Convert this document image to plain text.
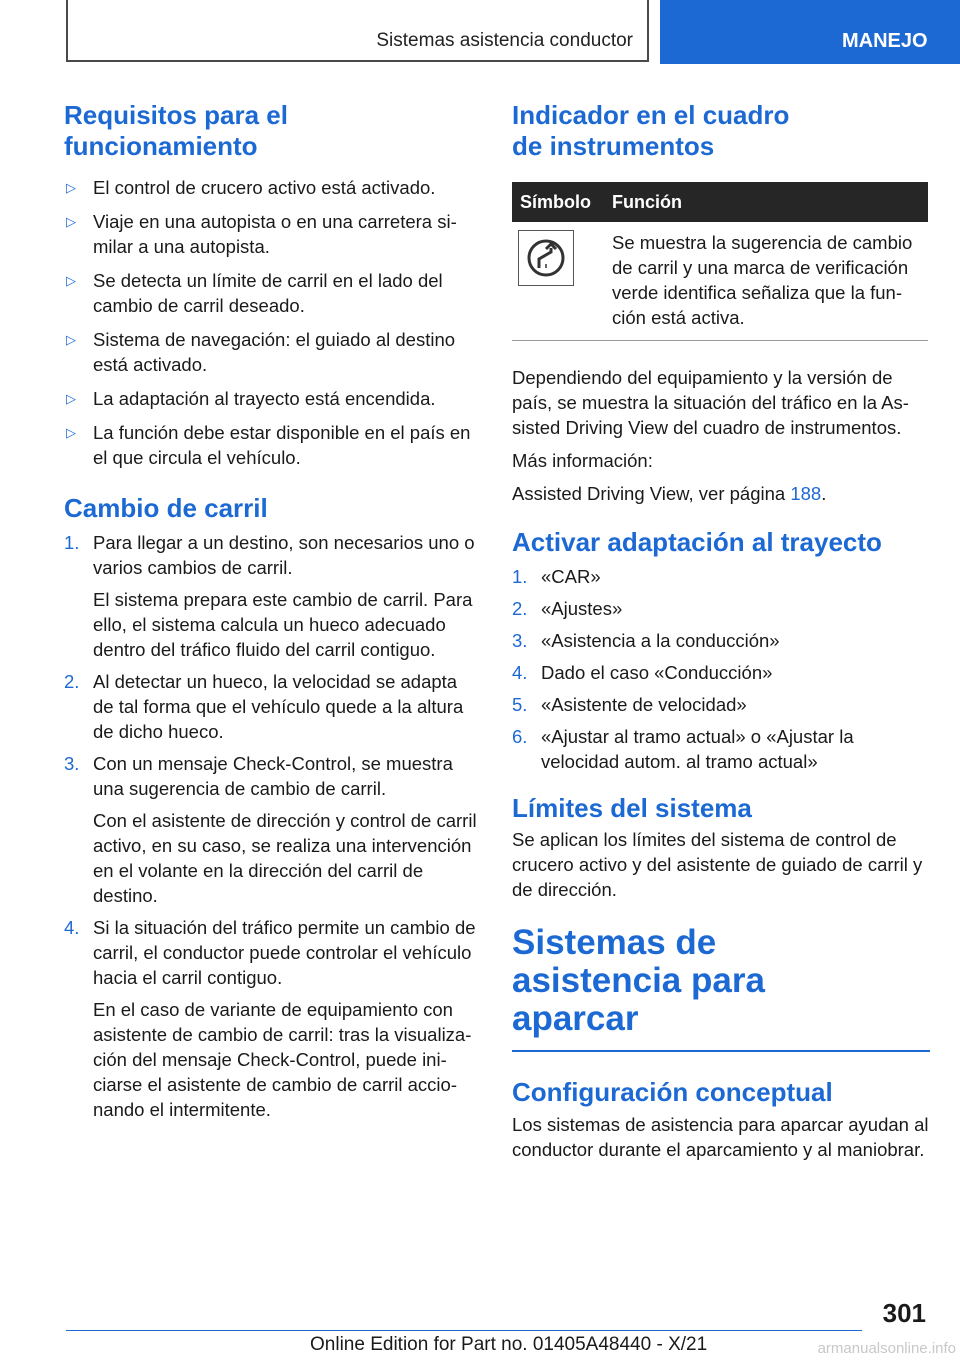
Sistemas asistencia conductor	MANEJO
Requisitos para el funcionamiento
▷ El control de crucero activo está activado.
▷ Viaje en una autopista o en una carretera similar a una autopista.
▷ Se detecta un límite de carril en el lado del cambio de carril deseado.
▷ Sistema de navegación: el guiado al destino está activado.
▷ La adaptación al trayecto está encendida.
▷ La función debe estar disponible en el país en el que circula el vehículo.
Cambio de carril
1. Para llegar a un destino, son necesarios uno o varios cambios de carril.

El sistema prepara este cambio de carril. Para ello, el sistema calcula un hueco adecuado dentro del tráfico fluido del carril contiguo.

2. Al detectar un hueco, la velocidad se adapta de tal forma que el vehículo quede a la altura de dicho hueco.

3. Con un mensaje Check-Control, se muestra una sugerencia de cambio de carril.

Con el asistente de dirección y control de carril activo, en su caso, se realiza una intervención en el volante en la dirección del carril de destino.

4. Si la situación del tráfico permite un cambio de carril, el conductor puede controlar el vehículo hacia el carril contiguo.

En el caso de variante de equipamiento con asistente de cambio de carril: tras la visualización del mensaje Check-Control, puede iniciarse el asistente de cambio de carril accionando el intermitente.

Indicador en el cuadro de instrumentos
Símbolo	Función

Se muestra la sugerencia de cambio de carril y una marca de verificación verde identifica señaliza que la función está activa.

Dependiendo del equipamiento y la versión de país, se muestra la situación del tráfico en la Assisted Driving View del cuadro de instrumentos.

Más información:

Assisted Driving View, ver página 188.

Activar adaptación al trayecto
1. «CAR»
2. «Ajustes»
3. «Asistencia a la conducción»
4. Dado el caso «Conducción»
5. «Asistente de velocidad»
6. «Ajustar al tramo actual» o «Ajustar la velocidad autom. al tramo actual»
Límites del sistema

Se aplican los límites del sistema de control de crucero activo y del asistente de guiado de carril y de dirección.

Sistemas de asistencia para aparcar
Configuración conceptual

Los sistemas de asistencia para aparcar ayudan al conductor durante el aparcamiento y al maniobrar.

301
Online Edition for Part no. 01405A48440 - X/21	armanualsonline.info
